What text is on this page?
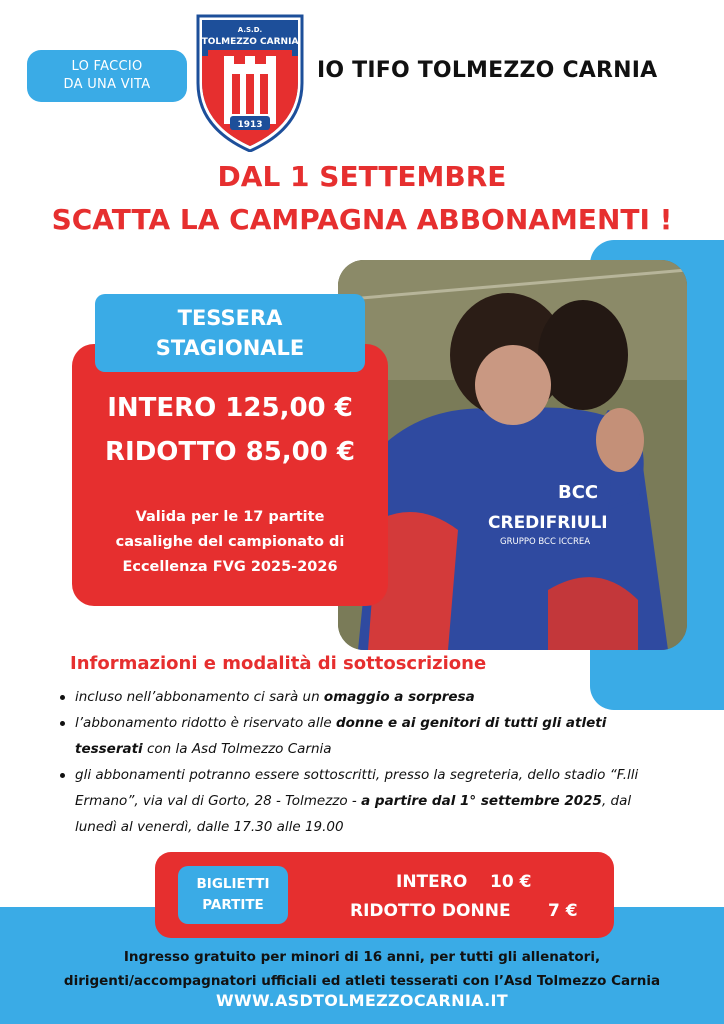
LO FACCIO
DA UNA VITA
A.S.D.
TOLMEZZO CARNIA
1913
IO TIFO TOLMEZZO CARNIA
DAL 1 SETTEMBRE
SCATTA LA CAMPAGNA ABBONAMENTI !
BCC
CREDIFRIULI
GRUPPO BCC ICCREA
TESSERA
STAGIONALE
INTERO 125,00 €
RIDOTTO 85,00 €
Valida per le 17 partite
casalighe del campionato di
Eccellenza FVG 2025-2026
Informazioni e modalità di sottoscrizione
incluso nell’abbonamento ci sarà un omaggio a sorpresa
l’abbonamento ridotto è riservato alle donne e ai genitori di tutti gli atleti tesserati con la Asd Tolmezzo Carnia
gli abbonamenti potranno essere sottoscritti, presso la segreteria, dello stadio “F.lli Ermano”, via val di Gorto, 28 - Tolmezzo - a partire dal 1° settembre 2025, dal lunedì al venerdì, dalle 17.30 alle 19.00
BIGLIETTI
PARTITE
INTERO 10 €
RIDOTTO DONNE 7 €
Ingresso gratuito per minori di 16 anni, per tutti gli allenatori,
dirigenti/accompagnatori ufficiali ed atleti tesserati con l’Asd Tolmezzo Carnia
WWW.ASDTOLMEZZOCARNIA.IT
